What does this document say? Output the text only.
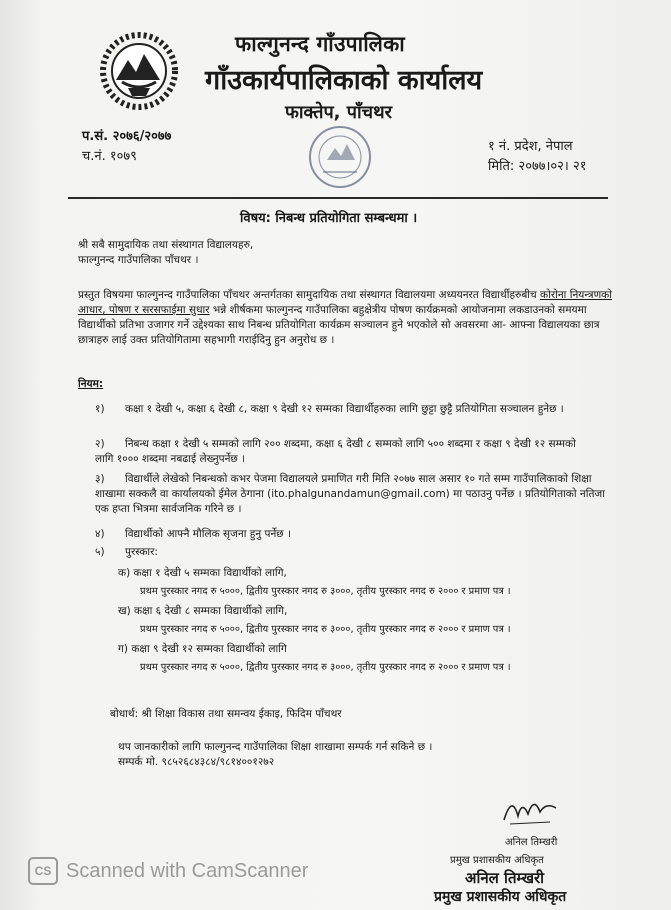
फाल्गुनन्द गाँउपालिका
गाँउकार्यपालिकाको कार्यालय
फाक्तेप, पाँचथर
प.सं. २०७६/२०७७
च.नं. १०७९
१ नं. प्रदेश, नेपाल
मिति: २०७७।०२। २१
विषय: निबन्ध प्रतियोगिता सम्बन्धमा ।
श्री सबै सामुदायिक तथा संस्थागत विद्यालयहरु,
फाल्गुनन्द गाउँपालिका पाँचथर ।
प्रस्तुत विषयमा फाल्गुनन्द गाउँपालिका पाँचथर अन्तर्गतका सामुदायिक तथा संस्थागत विद्यालयमा अध्ययनरत विद्यार्थीहरुबीच कोरोना नियन्त्रणको आधार, पोषण र सरसफाईमा सुधार भन्ने शीर्षकमा फाल्गुनन्द गाउँपालिका बहुक्षेत्रीय पोषण कार्यक्रमको आयोजनामा लकडाउनको समयमा विद्यार्थीको प्रतिभा उजागर गर्ने उद्देश्यका साथ निबन्ध प्रतियोगिता कार्यक्रम सञ्चालन हुने भएकोले सो अवसरमा आ- आफ्ना विद्यालयका छात्र छात्राहरु लाई उक्त प्रतियोगितामा सहभागी गराईदिनु हुन अनुरोध छ ।
नियम:
१) कक्षा १ देखी ५, कक्षा ६ देखी ८, कक्षा ९ देखी १२ सम्मका विद्यार्थीहरुका लागि छुट्टा छुट्टै प्रतियोगिता सञ्चालन हुनेछ ।
२) निबन्ध कक्षा १ देखी ५ सम्मको लागि २०० शब्दमा, कक्षा ६ देखी ८ सम्मको लागि ५०० शब्दमा र कक्षा ९ देखी १२ सम्मको लागि १००० शब्दमा नबढाई लेख्नुपर्नेछ ।
३) विद्यार्थीले लेखेको निबन्धको कभर पेजमा विद्यालयले प्रमाणित गरी मिति २०७७ साल असार १० गते सम्म गाउँपालिकाको शिक्षा शाखामा सक्कलै वा कार्यालयको ईमेल ठेगाना (ito.phalgunandamun@gmail.com) मा पठाउनु पर्नेछ । प्रतियोगिताको नतिजा एक हप्ता भित्रमा सार्वजनिक गरिने छ ।
४) विद्यार्थीको आफ्नै मौलिक सृजना हुनु पर्नेछ ।
५) पुरस्कार:
क) कक्षा १ देखी ५ सम्मका विद्यार्थीको लागि,
प्रथम पुरस्कार नगद रु ५०००, द्वितीय पुरस्कार नगद रु ३०००, तृतीय पुरस्कार नगद रु २००० र प्रमाण पत्र ।
ख) कक्षा ६ देखी ८ सम्मका विद्यार्थीको लागि,
प्रथम पुरस्कार नगद रु ५०००, द्वितीय पुरस्कार नगद रु ३०००, तृतीय पुरस्कार नगद रु २००० र प्रमाण पत्र ।
ग) कक्षा ९ देखी १२ सम्मका विद्यार्थीको लागि
प्रथम पुरस्कार नगद रु ५०००, द्वितीय पुरस्कार नगद रु ३०००, तृतीय पुरस्कार नगद रु २००० र प्रमाण पत्र ।
बोधार्थ: श्री शिक्षा विकास तथा समन्वय ईकाइ, फिदिम पाँचथर
थप जानकारीको लागि फाल्गुनन्द गाउँपालिका शिक्षा शाखामा सम्पर्क गर्न सकिने छ ।
सम्पर्क मो. ९८५२६८४३८४/९८१४००१२७२
अनिल तिम्खरी
प्रमुख प्रशासकीय अधिकृत
अनिल तिम्खरी
प्रमुख प्रशासकीय अधिकृत
CS Scanned with CamScanner
